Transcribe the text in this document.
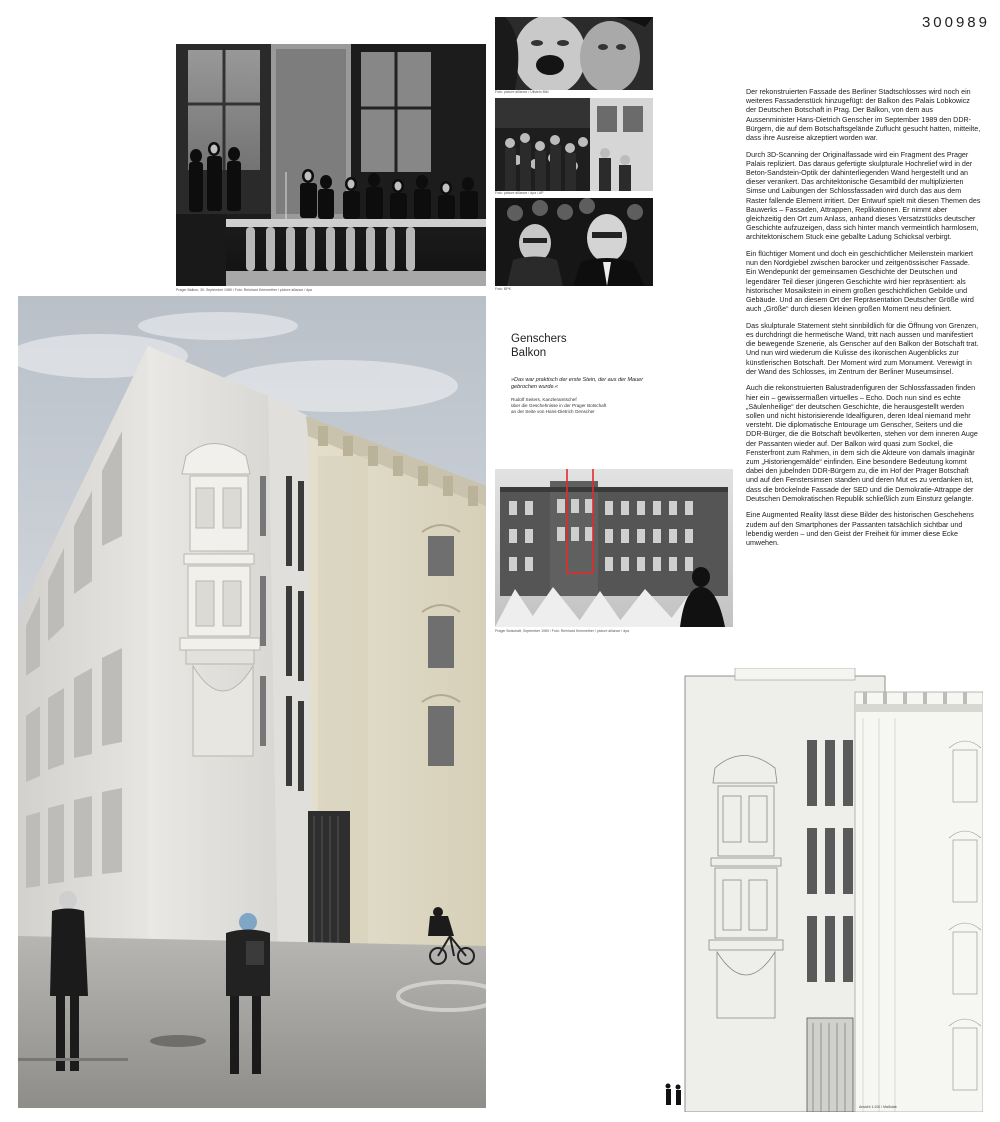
300989
Prager Balkon, 30. September 1989 / Foto: Reinhard Kemmether / picture alliance / dpa
Foto: picture alliance / Ullstein Bild
Foto: picture alliance / dpa / AP
Foto: BPK

Der rekonstruierten Fassade des Berliner Stadtschlosses wird noch ein weiteres Fassadenstück hinzugefügt: der Balkon des Palais Lobkowicz der Deutschen Botschaft in Prag. Der Balkon, von dem aus Aussenminister Hans-Dietrich Genscher im September 1989 den DDR-Bürgern, die auf dem Botschaftsgelände Zuflucht gesucht hatten, mitteilte, dass ihre Ausreise akzeptiert worden war.

Durch 3D-Scanning der Originalfassade wird ein Fragment des Prager Palais repliziert. Das daraus gefertigte skulpturale Hochrelief wird in der Beton-Sandstein-Optik der dahinterliegenden Wand hergestellt und an dieser verankert. Das architektonische Gesamtbild der multiplizierten Simse und Laibungen der Schlossfassaden wird durch das aus dem Raster fallende Element irritiert. Der Entwurf spielt mit diesen Themen des Bauwerks – Fassaden, Attrappen, Replikationen. Er nimmt aber gleichzeitig den Ort zum Anlass, anhand dieses Versatzstücks deutscher Geschichte aufzuzeigen, dass sich hinter manch vermeintlich harmlosem, architektonischem Stuck eine geballte Ladung Schicksal verbirgt.

Ein flüchtiger Moment und doch ein geschichtlicher Meilenstein markiert nun den Nordgiebel zwischen barocker und zeitgenössischer Fassade. Ein Wendepunkt der gemeinsamen Geschichte der Deutschen und legendärer Teil dieser jüngeren Geschichte wird hier repräsentiert: als historischer Mosaikstein in einem großen geschichtlichen Gebilde und Gebäude. Und an diesem Ort der Repräsentation Deutscher Größe wird auch „Größe“ durch diesen kleinen großen Moment neu definiert.

Das skulpturale Statement steht sinnbildlich für die Öffnung von Grenzen, es durchdringt die hermetische Wand, tritt nach aussen und manifestiert die bewegende Szenerie, als Genscher auf den Balkon der Botschaft trat. Und nun wird wiederum die Kulisse des ikonischen Augenblicks zur künstlerischen Botschaft. Der Moment wird zum Monument. Verewigt in der Wand des Schlosses, im Zentrum der Berliner Museumsinsel.

Auch die rekonstruierten Balustradenfiguren der Schlossfassaden finden hier ein – gewissermaßen virtuelles – Echo. Doch nun sind es echte „Säulenheilige“ der deutschen Geschichte, die herausgestellt werden sollen und nicht historisierende Idealfiguren, deren Ideal niemand mehr versteht. Die diplomatische Entourage um Genscher, Seiters und die DDR-Bürger, die die Botschaft bevölkerten, stehen vor dem inneren Auge der Passanten wieder auf. Der Balkon wird quasi zum Sockel, die Fensterfront zum Rahmen, in dem sich die Akteure von damals imaginär zum „Historiengemälde“ einfinden. Eine besondere Bedeutung kommt dabei den jubelnden DDR-Bürgern zu, die im Hof der Prager Botschaft und auf den Fenstersimsen standen und deren Mut es zu verdanken ist, dass die bröckelnde Fassade der SED und die Demokratie-Attrappe der Deutschen Demokratischen Republik schließlich zum Einsturz gelangte.

Eine Augmented Reality lässt diese Bilder des historischen Geschehens zudem auf den Smartphones der Passanten tatsächlich sichtbar und lebendig werden – und den Geist der Freiheit für immer diese Ecke umwehen.

Genschers
Balkon
»Das war praktisch der erste Stein, der aus der Mauer gebrochen wurde.«
Rudolf Seiters, Kanzleramtschef
über die Geschehnisse in der Prager Botschaft
an der Seite von Hans-Dietrich Genscher
Prager Botschaft, September 1989 / Foto: Reinhard Kemmether / picture alliance / dpa
Ansicht 1:100 / Maßstab
